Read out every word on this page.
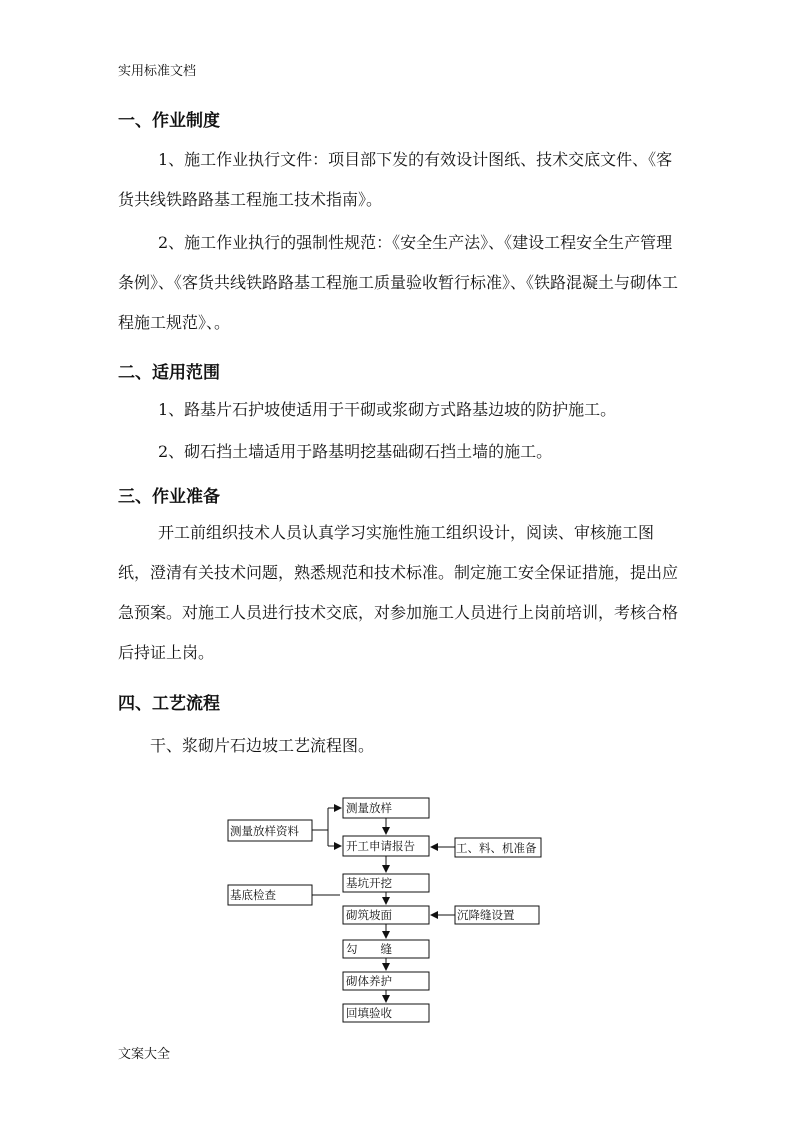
实用标准文档
一、作业制度
1、施工作业执行文件：项目部下发的有效设计图纸、技术交底文件、《客货共线铁路路基工程施工技术指南》。
2、施工作业执行的强制性规范：《安全生产法》、《建设工程安全生产管理条例》、《客货共线铁路路基工程施工质量验收暂行标准》、《铁路混凝土与砌体工程施工规范》、。
二、适用范围
1、路基片石护坡使适用于干砌或浆砌方式路基边坡的防护施工。
2、砌石挡土墙适用于路基明挖基础砌石挡土墙的施工。
三、作业准备
开工前组织技术人员认真学习实施性施工组织设计，阅读、审核施工图纸，澄清有关技术问题，熟悉规范和技术标准。制定施工安全保证措施，提出应急预案。对施工人员进行技术交底，对参加施工人员进行上岗前培训，考核合格后持证上岗。
四、工艺流程
干、浆砌片石边坡工艺流程图。
测量放样
开工申请报告
基坑开挖
砌筑坡面
勾　　缝
砌体养护
回填验收
测量放样资料
基底检查
工、料、机准备
沉降缝设置
文案大全
